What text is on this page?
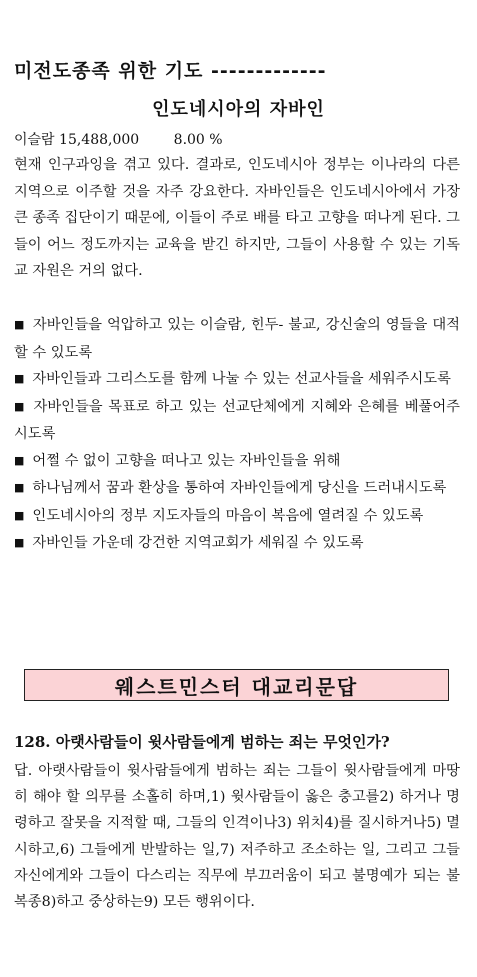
미전도종족 위한 기도 -------------
인도네시아의 자바인
이슬람 15,488,000 8.00 %

현재 인구과잉을 겪고 있다. 결과로, 인도네시아 정부는 이나라의 다른 지역으로 이주할 것을 자주 강요한다. 자바인들은 인도네시아에서 가장 큰 종족 집단이기 때문에, 이들이 주로 배를 타고 고향을 떠나게 된다. 그들이 어느 정도까지는 교육을 받긴 하지만, 그들이 사용할 수 있는 기독교 자원은 거의 없다.

■ 자바인들을 억압하고 있는 이슬람, 힌두- 불교, 강신술의 영들을 대적할 수 있도록
■ 자바인들과 그리스도를 함께 나눌 수 있는 선교사들을 세워주시도록
■ 자바인들을 목표로 하고 있는 선교단체에게 지혜와 은혜를 베풀어주시도록
■ 어쩔 수 없이 고향을 떠나고 있는 자바인들을 위해
■ 하나님께서 꿈과 환상을 통하여 자바인들에게 당신을 드러내시도록
■ 인도네시아의 정부 지도자들의 마음이 복음에 열려질 수 있도록
■ 자바인들 가운데 강건한 지역교회가 세워질 수 있도록
웨스트민스터 대교리문답
128. 아랫사람들이 윗사람들에게 범하는 죄는 무엇인가?

답. 아랫사람들이 윗사람들에게 범하는 죄는 그들이 윗사람들에게 마땅히 해야 할 의무를 소홀히 하며,1) 윗사람들이 옳은 충고를2) 하거나 명령하고 잘못을 지적할 때, 그들의 인격이나3) 위치4)를 질시하거나5) 멸시하고,6) 그들에게 반발하는 일,7) 저주하고 조소하는 일, 그리고 그들 자신에게와 그들이 다스리는 직무에 부끄러움이 되고 불명예가 되는 불복종8)하고 중상하는9) 모든 행위이다.
